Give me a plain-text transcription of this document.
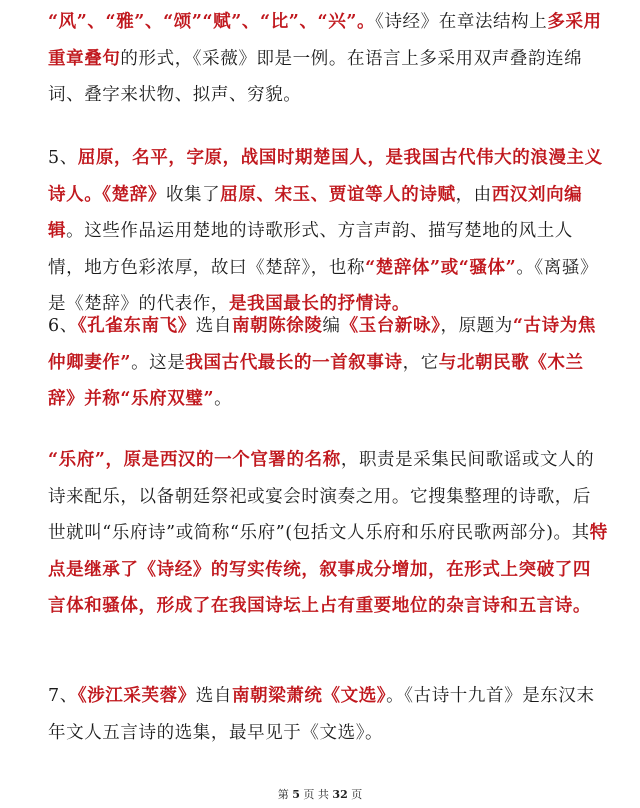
“风”、“雅”、“颂”“赋”、“比”、“兴”。《诗经》在章法结构上多采用重章叠句的形式，《采薇》即是一例。在语言上多采用双声叠韵连绵词、叠字来状物、拟声、穷貌。
5、屈原，名平，字原，战国时期楚国人，是我国古代伟大的浪漫主义诗人。《楚辞》收集了屈原、宋玉、贾谊等人的诗赋，由西汉刘向编辑。这些作品运用楚地的诗歌形式、方言声韵、描写楚地的风土人情，地方色彩浓厚，故曰《楚辞》，也称“楚辞体”或“骚体”。《离骚》是《楚辞》的代表作，是我国最长的抒情诗。
6、《孔雀东南飞》选自南朝陈徐陵编《玉台新咏》，原题为“古诗为焦仲卿妻作”。这是我国古代最长的一首叙事诗，它与北朝民歌《木兰辞》并称“乐府双璧”。
“乐府”，原是西汉的一个官署的名称，职责是采集民间歌谣或文人的诗来配乐，以备朝廷祭祀或宴会时演奏之用。它搜集整理的诗歌，后世就叫“乐府诗”或简称“乐府”(包括文人乐府和乐府民歌两部分)。其特点是继承了《诗经》的写实传统，叙事成分增加，在形式上突破了四言体和骚体，形成了在我国诗坛上占有重要地位的杂言诗和五言诗。
7、《涉江采芙蓉》选自南朝梁萧统《文选》。《古诗十九首》是东汉末年文人五言诗的选集，最早见于《文选》。
第 5 页 共 32 页
